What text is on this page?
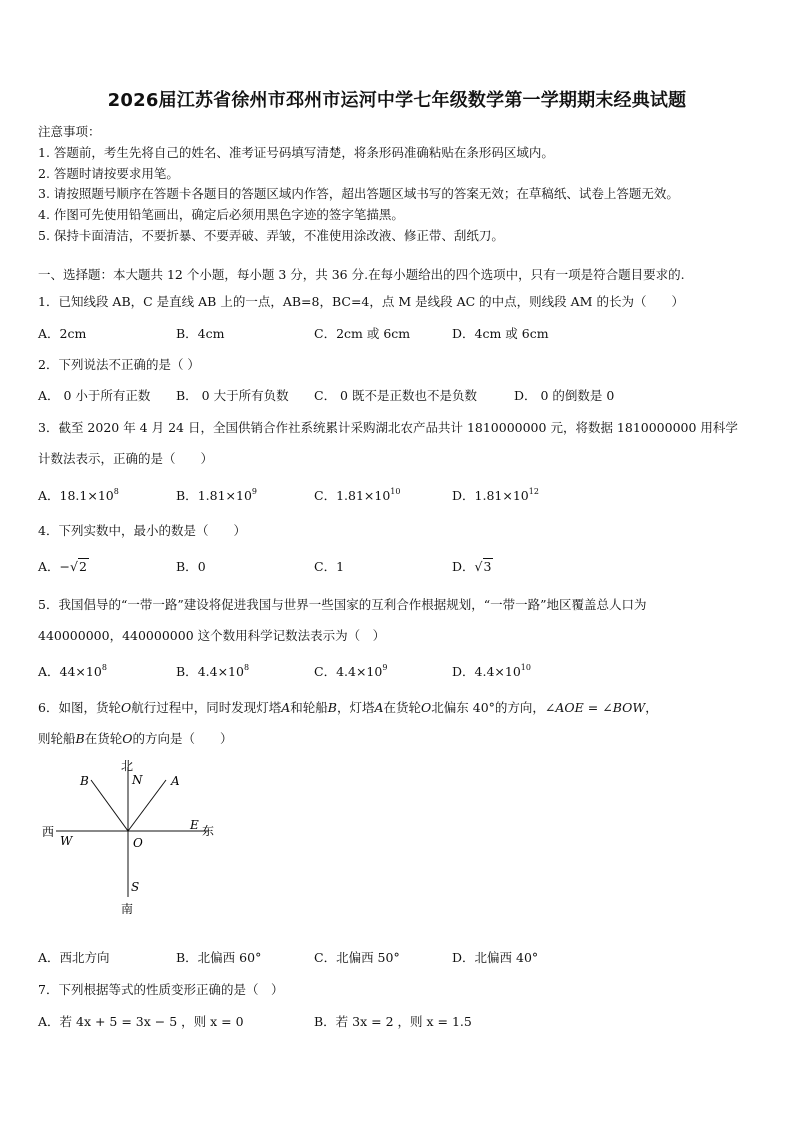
2026届江苏省徐州市邳州市运河中学七年级数学第一学期期末经典试题
注意事项：
1. 答题前，考生先将自己的姓名、准考证号码填写清楚，将条形码准确粘贴在条形码区域内。
2. 答题时请按要求用笔。
3. 请按照题号顺序在答题卡各题目的答题区域内作答，超出答题区域书写的答案无效；在草稿纸、试卷上答题无效。
4. 作图可先使用铅笔画出，确定后必须用黑色字迹的签字笔描黑。
5. 保持卡面清洁，不要折暴、不要弄破、弄皱，不准使用涂改液、修正带、刮纸刀。
一、选择题：本大题共 12 个小题，每小题 3 分，共 36 分.在每小题给出的四个选项中，只有一项是符合题目要求的.
1．已知线段 AB，C 是直线 AB 上的一点，AB=8，BC=4，点 M 是线段 AC 的中点，则线段 AM 的长为（　　）
A．2cm	B．4cm	C．2cm 或 6cm	D．4cm 或 6cm
2．下列说法不正确的是（ ）
A． 0 小于所有正数 B． 0 大于所有负数 C． 0 既不是正数也不是负数	D． 0 的倒数是 0
3．截至 2020 年 4 月 24 日，全国供销合作社系统累计采购湖北农产品共计 1810000000 元，将数据 1810000000 用科学
计数法表示，正确的是（　　）
A．$18.1\times 10^8$	B．$1.81\times 10^9$	C．$1.81\times 10^{10}$	D．$1.81\times 10^{12}$
4．下列实数中，最小的数是（　　）
A．−√2	B．0	C．1	D．√3
5．我国倡导的“一带一路”建设将促进我国与世界一些国家的互利合作根据规划，“一带一路”地区覆盖总人口为
440000000，440000000 这个数用科学记数法表示为（　）
A．$44\times 10^8$	B．$4.4\times 10^8$	C．$4.4\times 10^9$	D．$4.4\times 10^{10}$
6．如图，货轮O航行过程中，同时发现灯塔A和轮船B，灯塔A在货轮O北偏东 40°的方向，∠AOE = ∠BOW，
则轮船B在货轮O的方向是（　　）
北
N
B	A
E 东
西
W	O
S
南
A．西北方向	B．北偏西 60°	C．北偏西 50°	D．北偏西 40°
7．下列根据等式的性质变形正确的是（　）
A．若 4x + 5 = 3x − 5 ，则 x = 0	B．若 3x = 2 ，则 x = 1.5
